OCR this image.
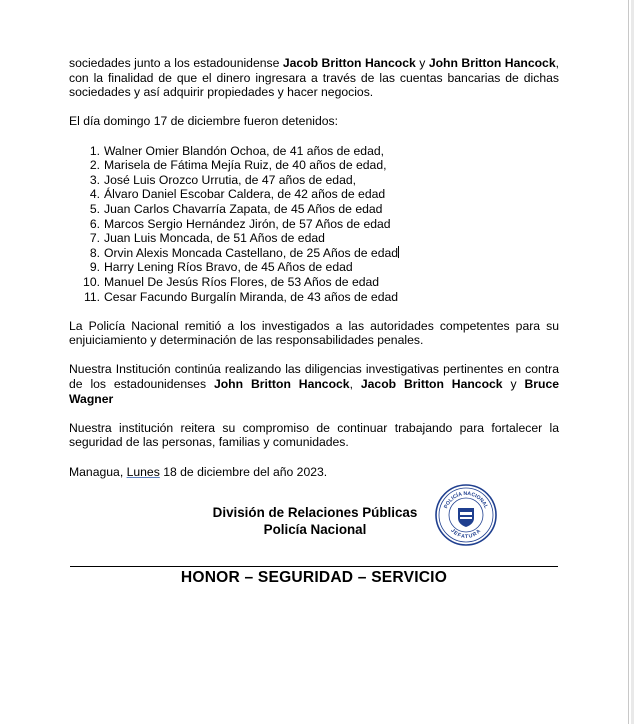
sociedades junto a los estadounidense Jacob Britton Hancock y John Britton Hancock, con la finalidad de que el dinero ingresara a través de las cuentas bancarias de dichas sociedades y así adquirir propiedades y hacer negocios.

El día domingo 17 de diciembre fueron detenidos:

1. Walner Omier Blandón Ochoa, de 41 años de edad,
2. Marisela de Fátima Mejía Ruiz, de 40 años de edad,
3. José Luis Orozco Urrutia, de 47 años de edad,
4. Álvaro Daniel Escobar Caldera, de 42 años de edad
5. Juan Carlos Chavarría Zapata, de 45 Años de edad
6. Marcos Sergio Hernández Jirón, de 57 Años de edad
7. Juan Luis Moncada, de 51 Años de edad
8. Orvin Alexis Moncada Castellano, de 25 Años de edad
9. Harry Lening Ríos Bravo, de 45 Años de edad
10. Manuel De Jesús Ríos Flores, de 53 Años de edad
11. Cesar Facundo Burgalín Miranda, de 43 años de edad

La Policía Nacional remitió a los investigados a las autoridades competentes para su enjuiciamiento y determinación de las responsabilidades penales.

Nuestra Institución continúa realizando las diligencias investigativas pertinentes en contra de los estadounidenses John Britton Hancock, Jacob Britton Hancock y Bruce Wagner

Nuestra institución reitera su compromiso de continuar trabajando para fortalecer la seguridad de las personas, familias y comunidades.

Managua, Lunes 18 de diciembre del año 2023.

División de Relaciones Públicas
Policía Nacional
POLICÍA NACIONAL
JEFATURA
HONOR – SEGURIDAD – SERVICIO
